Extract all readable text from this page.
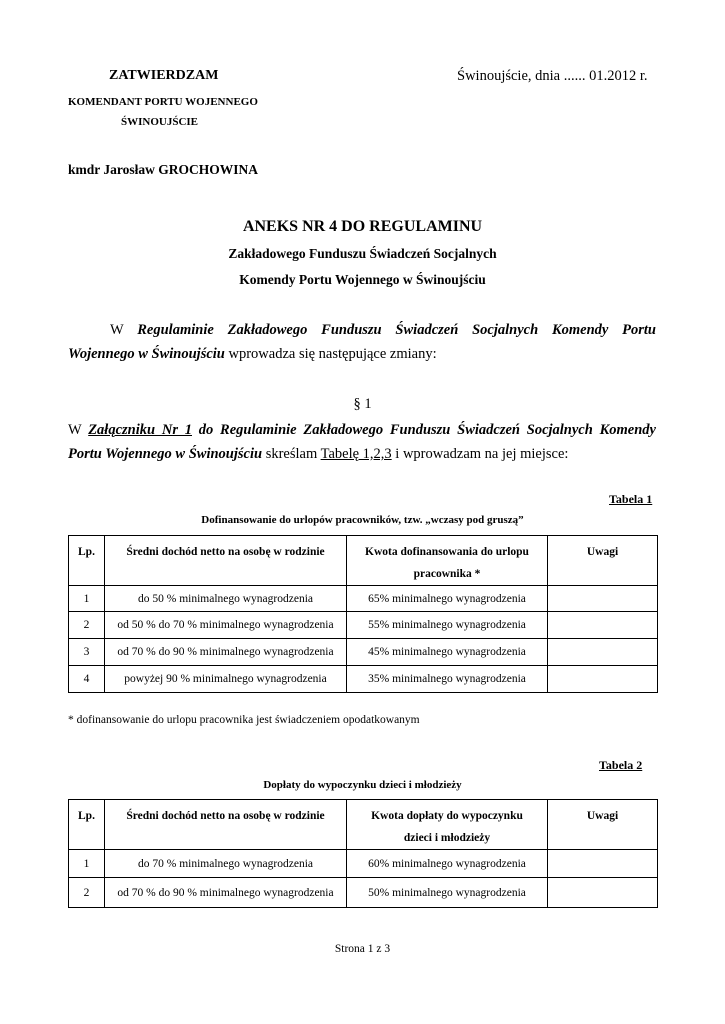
ZATWIERDZAM	Świnoujście, dnia ...... 01.2012 r.
KOMENDANT PORTU WOJENNEGO
ŚWINOUJŚCIE
kmdr Jarosław GROCHOWINA
ANEKS NR 4 DO REGULAMINU
Zakładowego Funduszu Świadczeń Socjalnych
Komendy Portu Wojennego w Świnoujściu
W Regulaminie Zakładowego Funduszu Świadczeń Socjalnych Komendy Portu
Wojennego w Świnoujściu wprowadza się następujące zmiany:
§ 1
W Załączniku Nr 1 do Regulaminie Zakładowego Funduszu Świadczeń Socjalnych Komendy
Portu Wojennego w Świnoujściu skreślam Tabelę 1,2,3 i wprowadzam na jej miejsce:
Tabela 1
Dofinansowanie do urlopów pracowników, tzw. „wczasy pod gruszą”
Lp.	Średni dochód netto na osobę w rodzinie	Kwota dofinansowania do urlopu
pracownika *	Uwagi
1	do 50 % minimalnego wynagrodzenia	65% minimalnego wynagrodzenia	
2	od 50 % do 70 % minimalnego wynagrodzenia	55% minimalnego wynagrodzenia	
3	od 70 % do 90 % minimalnego wynagrodzenia	45% minimalnego wynagrodzenia	
4	powyżej 90 % minimalnego wynagrodzenia	35% minimalnego wynagrodzenia	
* dofinansowanie do urlopu pracownika jest świadczeniem opodatkowanym
Tabela 2
Dopłaty do wypoczynku dzieci i młodzieży
Lp.	Średni dochód netto na osobę w rodzinie	Kwota dopłaty do wypoczynku
dzieci i młodzieży	Uwagi
1	do 70 % minimalnego wynagrodzenia	60% minimalnego wynagrodzenia	
2	od 70 % do 90 % minimalnego wynagrodzenia	50% minimalnego wynagrodzenia	
Strona 1 z 3
